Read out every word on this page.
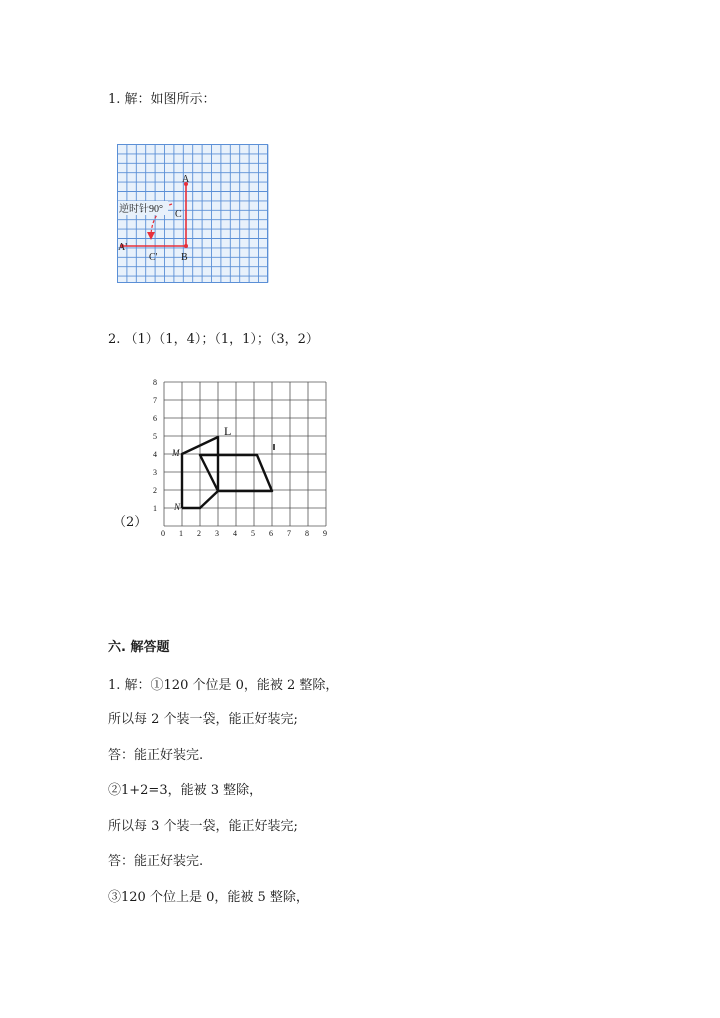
1. 解：如图所示：
逆时针90°
A
C
B
A'
C'
2. （1）（1，4）；（1，1）；（3，2）
（2）
0 1 2 3 4 5 6 7 8 9
1
2
3
4
5
6
7
8
L
M
N
六. 解答题
1. 解：①120 个位是 0，能被 2 整除，
所以每 2 个装一袋，能正好装完;
答：能正好装完.
②1+2=3，能被 3 整除，
所以每 3 个装一袋，能正好装完;
答：能正好装完.
③120 个位上是 0，能被 5 整除，
